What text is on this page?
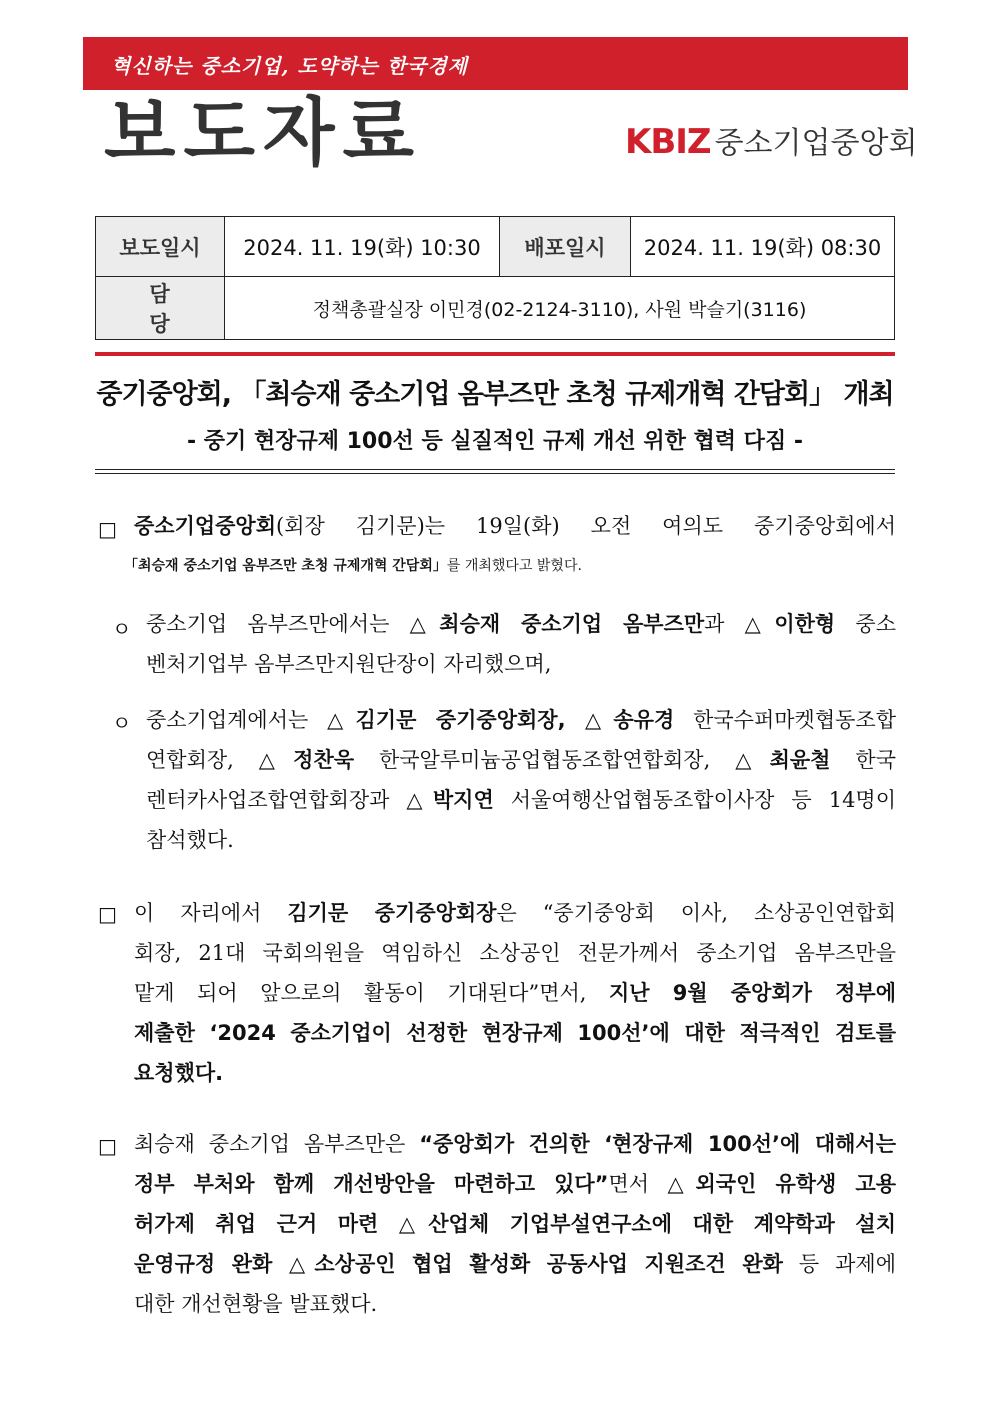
혁신하는 중소기업, 도약하는 한국경제
보도자료	KBIZ 중소기업중앙회
보도일시	2024. 11. 19(화) 10:30	배포일시	2024. 11. 19(화) 08:30
담 당	정책총괄실장 이민경(02-2124-3110), 사원 박슬기(3116)		
중기중앙회, 「최승재 중소기업 옴부즈만 초청 규제개혁 간담회」 개최
- 중기 현장규제 100선 등 실질적인 규제 개선 위한 협력 다짐 -
□ 중소기업중앙회(회장 김기문)는 19일(화) 오전 여의도 중기중앙회에서
「최승재 중소기업 옴부즈만 초청 규제개혁 간담회」를 개최했다고 밝혔다.
ㅇ 중소기업 옴부즈만에서는 △최승재 중소기업 옴부즈만과 △이한형 중소
벤처기업부 옴부즈만지원단장이 자리했으며,
ㅇ 중소기업계에서는 △김기문 중기중앙회장, △송유경 한국수퍼마켓협동조합
연합회장, △정찬욱 한국알루미늄공업협동조합연합회장, △최윤철 한국
렌터카사업조합연합회장과 △박지연 서울여행산업협동조합이사장 등 14명이
참석했다.
□ 이 자리에서 김기문 중기중앙회장은 “중기중앙회 이사, 소상공인연합회
회장, 21대 국회의원을 역임하신 소상공인 전문가께서 중소기업 옴부즈만을
맡게 되어 앞으로의 활동이 기대된다”면서, 지난 9월 중앙회가 정부에
제출한 ‘2024 중소기업이 선정한 현장규제 100선’에 대한 적극적인 검토를
요청했다.
□ 최승재 중소기업 옴부즈만은 “중앙회가 건의한 ‘현장규제 100선’에 대해서는
정부 부처와 함께 개선방안을 마련하고 있다”면서 △외국인 유학생 고용
허가제 취업 근거 마련 △산업체 기업부설연구소에 대한 계약학과 설치
운영규정 완화 △소상공인 협업 활성화 공동사업 지원조건 완화 등 과제에
대한 개선현황을 발표했다.
